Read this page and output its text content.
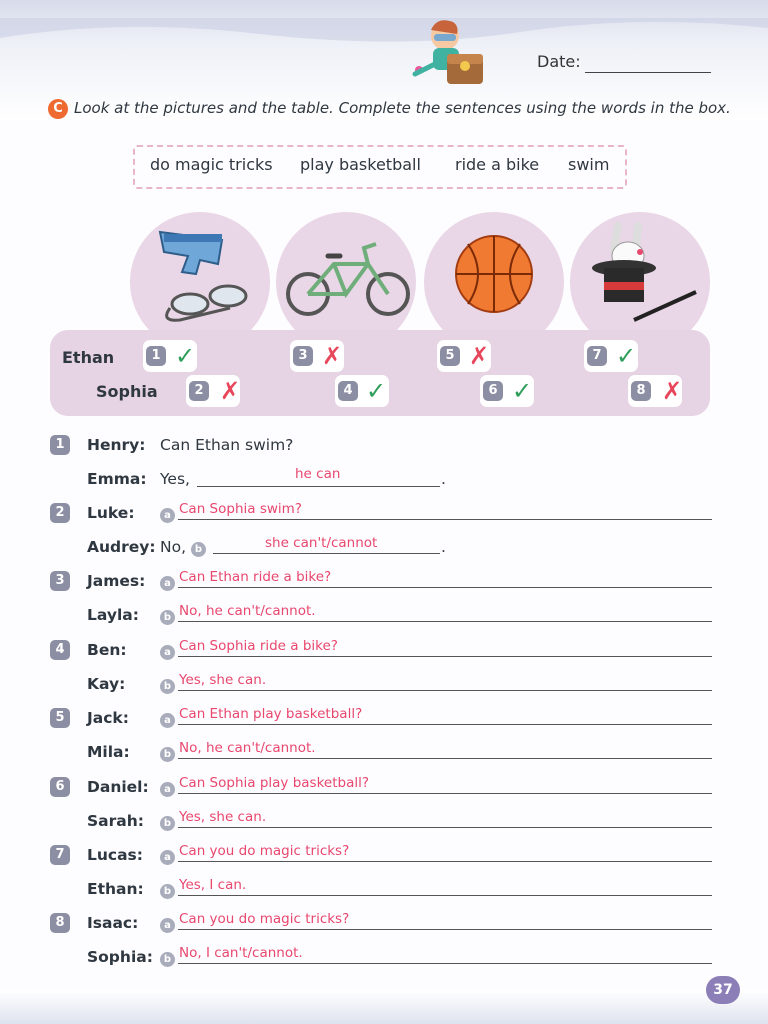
Date:
C Look at the pictures and the table. Complete the sentences using the words in the box.
do magic tricks play basketball ride a bike swim
Ethan
Sophia
1 ✓	3 ✗	5 ✗	7 ✓
2 ✗	4 ✓	6 ✓	8 ✗
1	Henry: Can Ethan swim?
Emma: Yes,	he can	.
2	Luke:	a Can Sophia swim?
Audrey: No, b	she can't/cannot	.
3	James:	a Can Ethan ride a bike?
Layla:	b No, he can't/cannot.
4	Ben:	a Can Sophia ride a bike?
Kay:	b Yes, she can.
5	Jack:	a Can Ethan play basketball?
Mila:	b No, he can't/cannot.
6	Daniel:	a Can Sophia play basketball?
Sarah:	b Yes, she can.
7	Lucas:	a Can you do magic tricks?
Ethan:	b Yes, I can.
8	Isaac:	a Can you do magic tricks?
Sophia:	b No, I can't/cannot.
37
